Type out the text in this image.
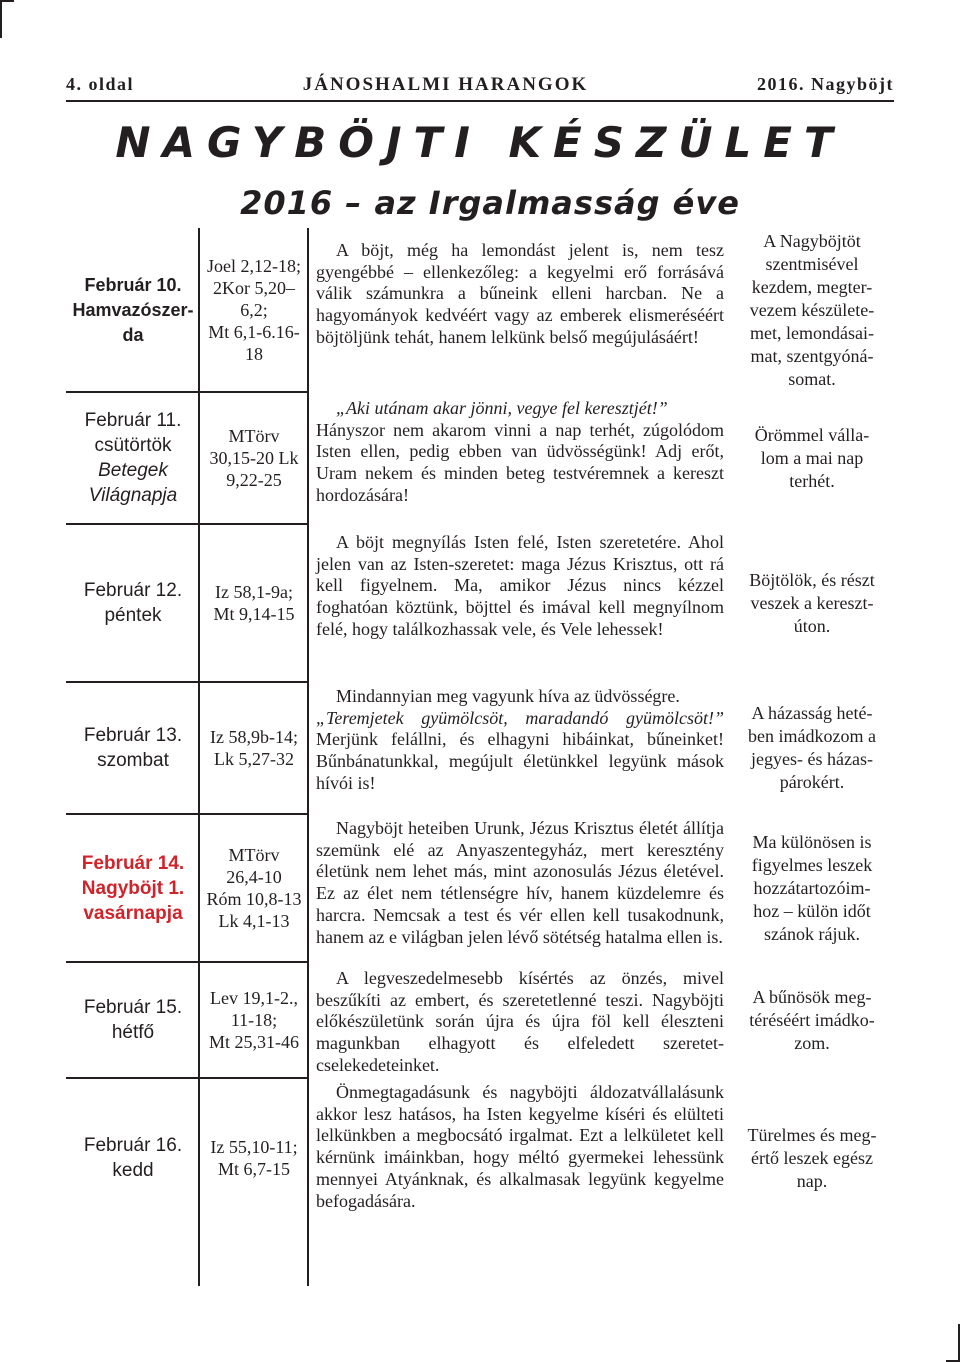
4. oldal	JÁNOSHALMI HARANGOK	2016. Nagyböjt
NAGYBÖJTI KÉSZÜLET
2016 – az Irgalmasság éve
Február 10.
Hamvazószer-
da
Joel 2,12-18;
2Kor 5,20–
6,2;
Mt 6,1-6.16-
18

A böjt, még ha lemondást jelent is, nem tesz gyengébbé – ellenkezőleg: a kegyelmi erő forrásává válik számunkra a bűneink elleni harcban. Ne a hagyományok kedvéért vagy az emberek elismeréséért böjtöljünk tehát, hanem lelkünk belső megújulásáért!

A Nagyböjtöt
szentmisével
kezdem, megter-
vezem készülete-
met, lemondásai-
mat, szentgyóná-
somat.
Február 11.
csütörtök
Betegek
Világnapja
MTörv
30,15-20 Lk
9,22-25

„Aki utánam akar jönni, vegye fel keresztjét!”
Hányszor nem akarom vinni a nap terhét, zúgolódom Isten ellen, pedig ebben van üdvösségünk! Adj erőt, Uram nekem és minden beteg testvéremnek a kereszt hordozására!

Örömmel válla-
lom a mai nap
terhét.
Február 12.
péntek
Iz 58,1-9a;
Mt 9,14-15

A böjt megnyílás Isten felé, Isten szeretetére. Ahol jelen van az Isten-szeretet: maga Jézus Krisztus, ott rá kell figyelnem. Ma, amikor Jézus nincs kézzel foghatóan köztünk, böjttel és imával kell megnyílnom felé, hogy találkozhassak vele, és Vele lehessek!

Böjtölök, és részt
veszek a kereszt-
úton.
Február 13.
szombat
Iz 58,9b-14;
Lk 5,27-32

Mindannyian meg vagyunk híva az üdvösségre.
„Teremjetek gyümölcsöt, maradandó gyümölcsöt!” Merjünk felállni, és elhagyni hibáinkat, bűneinket! Bűnbánatunkkal, megújult életünkkel legyünk mások hívói is!

A házasság heté-
ben imádkozom a
jegyes- és házas-
párokért.
Február 14.
Nagyböjt 1.
vasárnapja
MTörv
26,4-10
Róm 10,8-13
Lk 4,1-13

Nagyböjt heteiben Urunk, Jézus Krisztus életét állítja szemünk elé az Anyaszentegyház, mert keresztény életünk nem lehet más, mint azonosulás Jézus életével. Ez az élet nem tétlenségre hív, hanem küzdelemre és harcra. Nemcsak a test és vér ellen kell tusakodnunk, hanem az e világban jelen lévő sötétség hatalma ellen is.

Ma különösen is
figyelmes leszek
hozzátartozóim-
hoz – külön időt
szánok rájuk.
Február 15.
hétfő
Lev 19,1-2.,
11-18;
Mt 25,31-46

A legveszedelmesebb kísértés az önzés, mivel beszűkíti az embert, és szeretetlenné teszi. Nagyböjti előkészületünk során újra és újra föl kell éleszteni magunkban elhagyott és elfeledett szeretet-cselekedeteinket.

A bűnösök meg-
téréséért imádko-
zom.
Február 16.
kedd
Iz 55,10-11;
Mt 6,7-15

Önmegtagadásunk és nagyböjti áldozatvállalásunk akkor lesz hatásos, ha Isten kegyelme kíséri és elülteti lelkünkben a megbocsátó irgalmat. Ezt a lelkületet kell kérnünk imáinkban, hogy méltó gyermekei lehessünk mennyei Atyánknak, és alkalmasak legyünk kegyelme befogadására.

Türelmes és meg-
értő leszek egész
nap.
